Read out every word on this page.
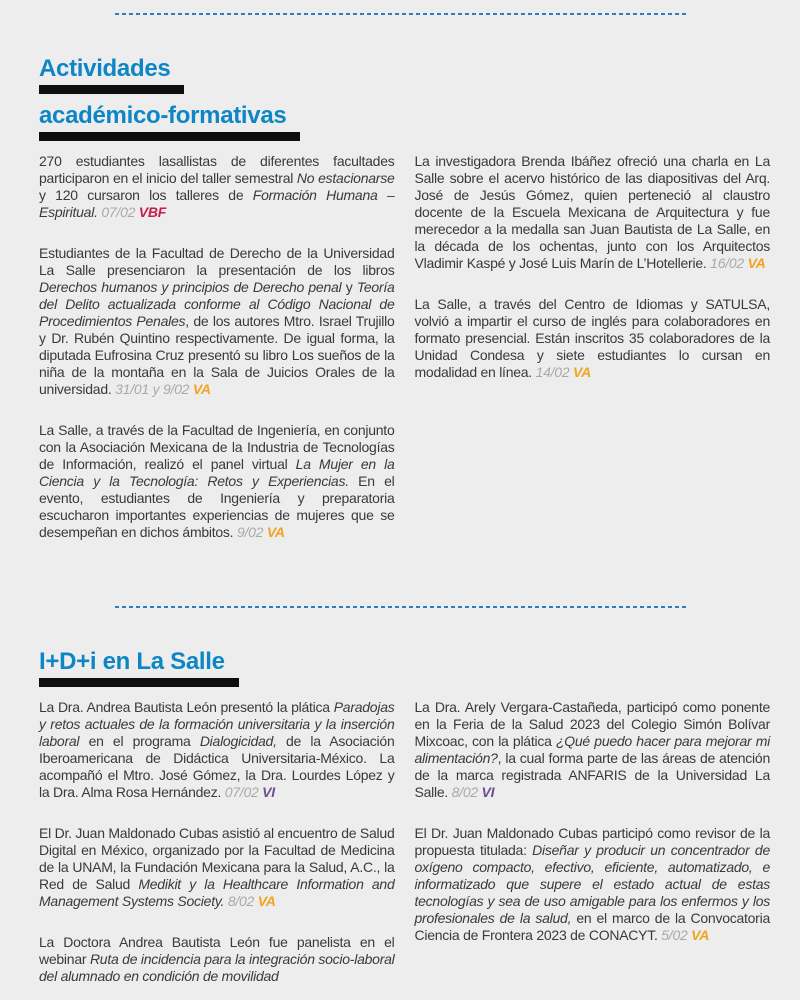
Actividades
académico-formativas

270 estudiantes lasallistas de diferentes facultades participaron en el inicio del taller semestral No estacionarse y 120 cursaron los talleres de Formación Humana – Espiritual. 07/02 VBF

Estudiantes de la Facultad de Derecho de la Universidad La Salle presenciaron la presentación de los libros Derechos humanos y principios de Derecho penal y Teoría del Delito actualizada conforme al Código Nacional de Procedimientos Penales, de los autores Mtro. Israel Trujillo y Dr. Rubén Quintino respectivamente. De igual forma, la diputada Eufrosina Cruz presentó su libro Los sueños de la niña de la montaña en la Sala de Juicios Orales de la universidad. 31/01 y 9/02 VA

La Salle, a través de la Facultad de Ingeniería, en conjunto con la Asociación Mexicana de la Industria de Tecnologías de Información, realizó el panel virtual La Mujer en la Ciencia y la Tecnología: Retos y Experiencias. En el evento, estudiantes de Ingeniería y preparatoria escucharon importantes experiencias de mujeres que se desempeñan en dichos ámbitos. 9/02 VA

La investigadora Brenda Ibáñez ofreció una charla en La Salle sobre el acervo histórico de las diapositivas del Arq. José de Jesús Gómez, quien perteneció al claustro docente de la Escuela Mexicana de Arquitectura y fue merecedor a la medalla san Juan Bautista de La Salle, en la década de los ochentas, junto con los Arquitectos Vladimir Kaspé y José Luis Marín de L’Hotellerie. 16/02 VA

La Salle, a través del Centro de Idiomas y SATULSA, volvió a impartir el curso de inglés para colaboradores en formato presencial. Están inscritos 35 colaboradores de la Unidad Condesa y siete estudiantes lo cursan en modalidad en línea. 14/02 VA

I+D+i en La Salle

La Dra. Andrea Bautista León presentó la plática Paradojas y retos actuales de la formación universitaria y la inserción laboral en el programa Dialogicidad, de la Asociación Iberoamericana de Didáctica Universitaria-México. La acompañó el Mtro. José Gómez, la Dra. Lourdes López y la Dra. Alma Rosa Hernández. 07/02 VI

El Dr. Juan Maldonado Cubas asistió al encuentro de Salud Digital en México, organizado por la Facultad de Medicina de la UNAM, la Fundación Mexicana para la Salud, A.C., la Red de Salud Medikit y la Healthcare Information and Management Systems Society. 8/02 VA

La Doctora Andrea Bautista León fue panelista en el webinar Ruta de incidencia para la integración socio-laboral del alumnado en condición de movilidad

La Dra. Arely Vergara-Castañeda, participó como ponente en la Feria de la Salud 2023 del Colegio Simón Bolívar Mixcoac, con la plática ¿Qué puedo hacer para mejorar mi alimentación?, la cual forma parte de las áreas de atención de la marca registrada ANFARIS de la Universidad La Salle. 8/02 VI

El Dr. Juan Maldonado Cubas participó como revisor de la propuesta titulada: Diseñar y producir un concentrador de oxígeno compacto, efectivo, eficiente, automatizado, e informatizado que supere el estado actual de estas tecnologías y sea de uso amigable para los enfermos y los profesionales de la salud, en el marco de la Convocatoria Ciencia de Frontera 2023 de CONACYT. 5/02 VA
